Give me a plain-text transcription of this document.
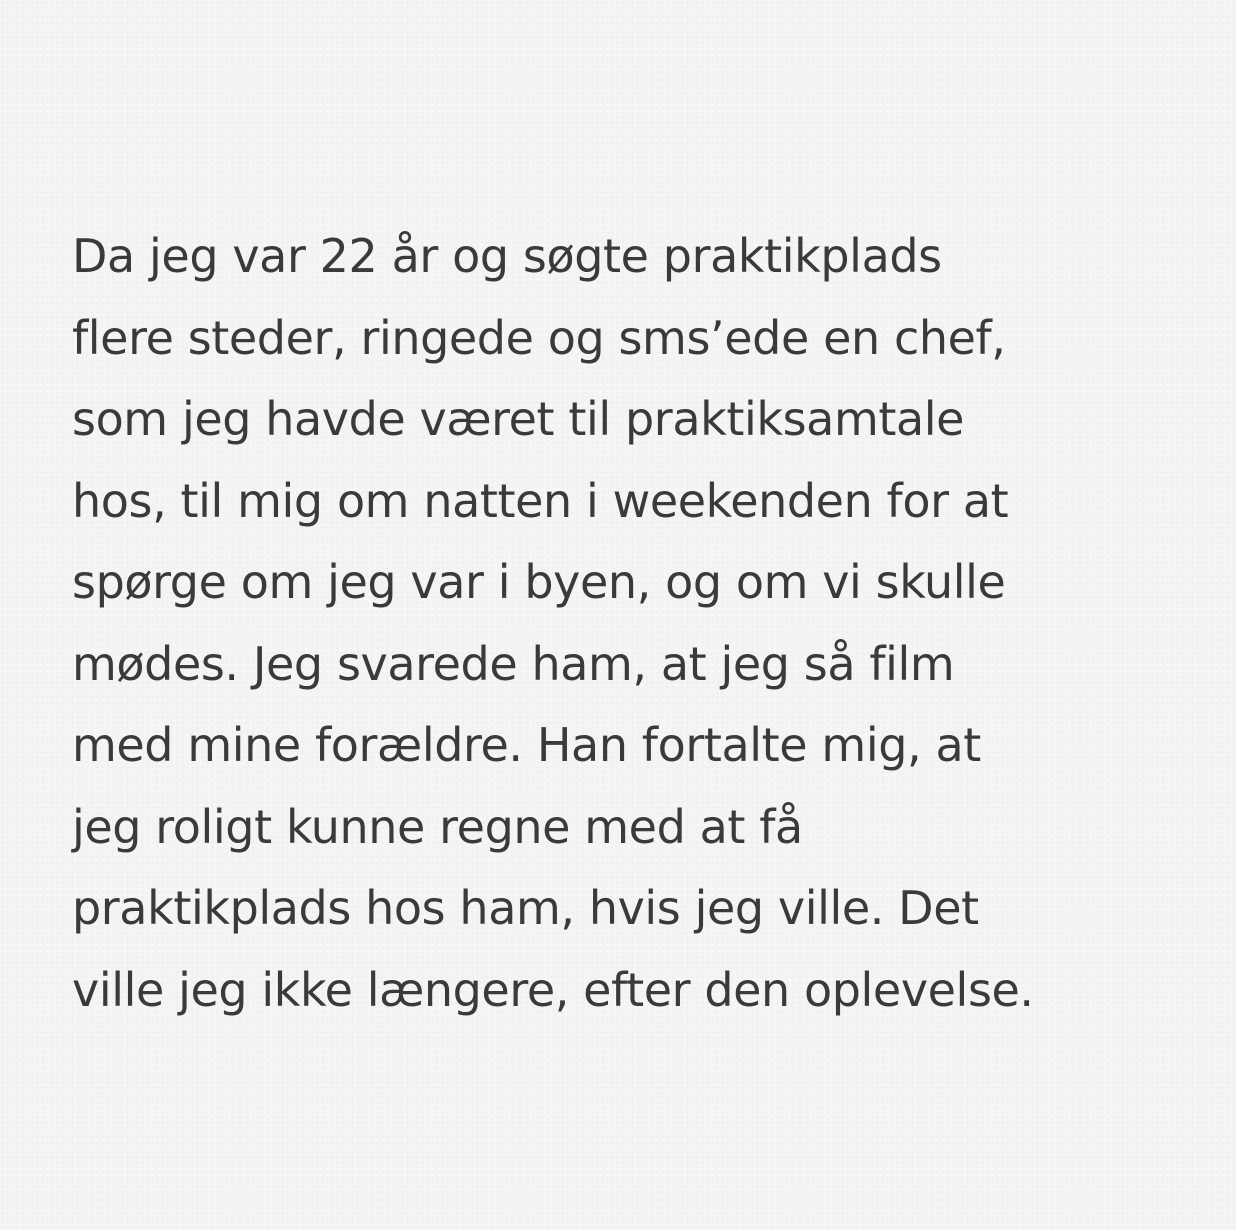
Da jeg var 22 år og søgte praktikplads
flere steder, ringede og sms’ede en chef,
som jeg havde været til praktiksamtale
hos, til mig om natten i weekenden for at
spørge om jeg var i byen, og om vi skulle
mødes. Jeg svarede ham, at jeg så film
med mine forældre. Han fortalte mig, at
jeg roligt kunne regne med at få
praktikplads hos ham, hvis jeg ville. Det
ville jeg ikke længere, efter den oplevelse.
